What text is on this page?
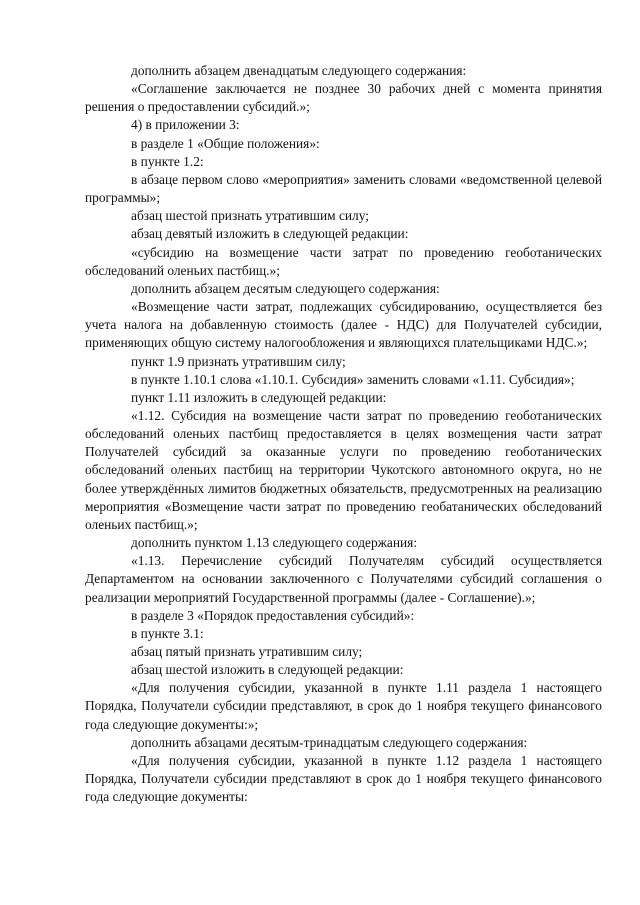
дополнить абзацем двенадцатым следующего содержания:

«Соглашение заключается не позднее 30 рабочих дней с момента принятия решения о предоставлении субсидий.»;

4) в приложении 3:

в разделе 1 «Общие положения»:

в пункте 1.2:

в абзаце первом слово «мероприятия» заменить словами «ведомственной целевой программы»;

абзац шестой признать утратившим силу;

абзац девятый изложить в следующей редакции:

«субсидию на возмещение части затрат по проведению геоботанических обследований оленьих пастбищ.»;

дополнить абзацем десятым следующего содержания:

«Возмещение части затрат, подлежащих субсидированию, осуществляется без учета налога на добавленную стоимость (далее - НДС) для Получателей субсидии, применяющих общую систему налогообложения и являющихся плательщиками НДС.»;

пункт 1.9 признать утратившим силу;

в пункте 1.10.1 слова «1.10.1. Субсидия» заменить словами «1.11. Субсидия»;

пункт 1.11 изложить в следующей редакции:

«1.12. Субсидия на возмещение части затрат по проведению геоботанических обследований оленьих пастбищ предоставляется в целях возмещения части затрат Получателей субсидий за оказанные услуги по проведению геоботанических обследований оленьих пастбищ на территории Чукотского автономного округа, но не более утверждённых лимитов бюджетных обязательств, предусмотренных на реализацию мероприятия «Возмещение части затрат по проведению геобатанических обследований оленьих пастбищ.»;

дополнить пунктом 1.13 следующего содержания:

«1.13. Перечисление субсидий Получателям субсидий осуществляется Департаментом на основании заключенного с Получателями субсидий соглашения о реализации мероприятий Государственной программы (далее - Соглашение).»;

в разделе 3 «Порядок предоставления субсидий»:

в пункте 3.1:

абзац пятый признать утратившим силу;

абзац шестой изложить в следующей редакции:

«Для получения субсидии, указанной в пункте 1.11 раздела 1 настоящего Порядка, Получатели субсидии представляют, в срок до 1 ноября текущего финансового года следующие документы:»;

дополнить абзацами десятым-тринадцатым следующего содержания:

«Для получения субсидии, указанной в пункте 1.12 раздела 1 настоящего Порядка, Получатели субсидии представляют в срок до 1 ноября текущего финансового года следующие документы:
